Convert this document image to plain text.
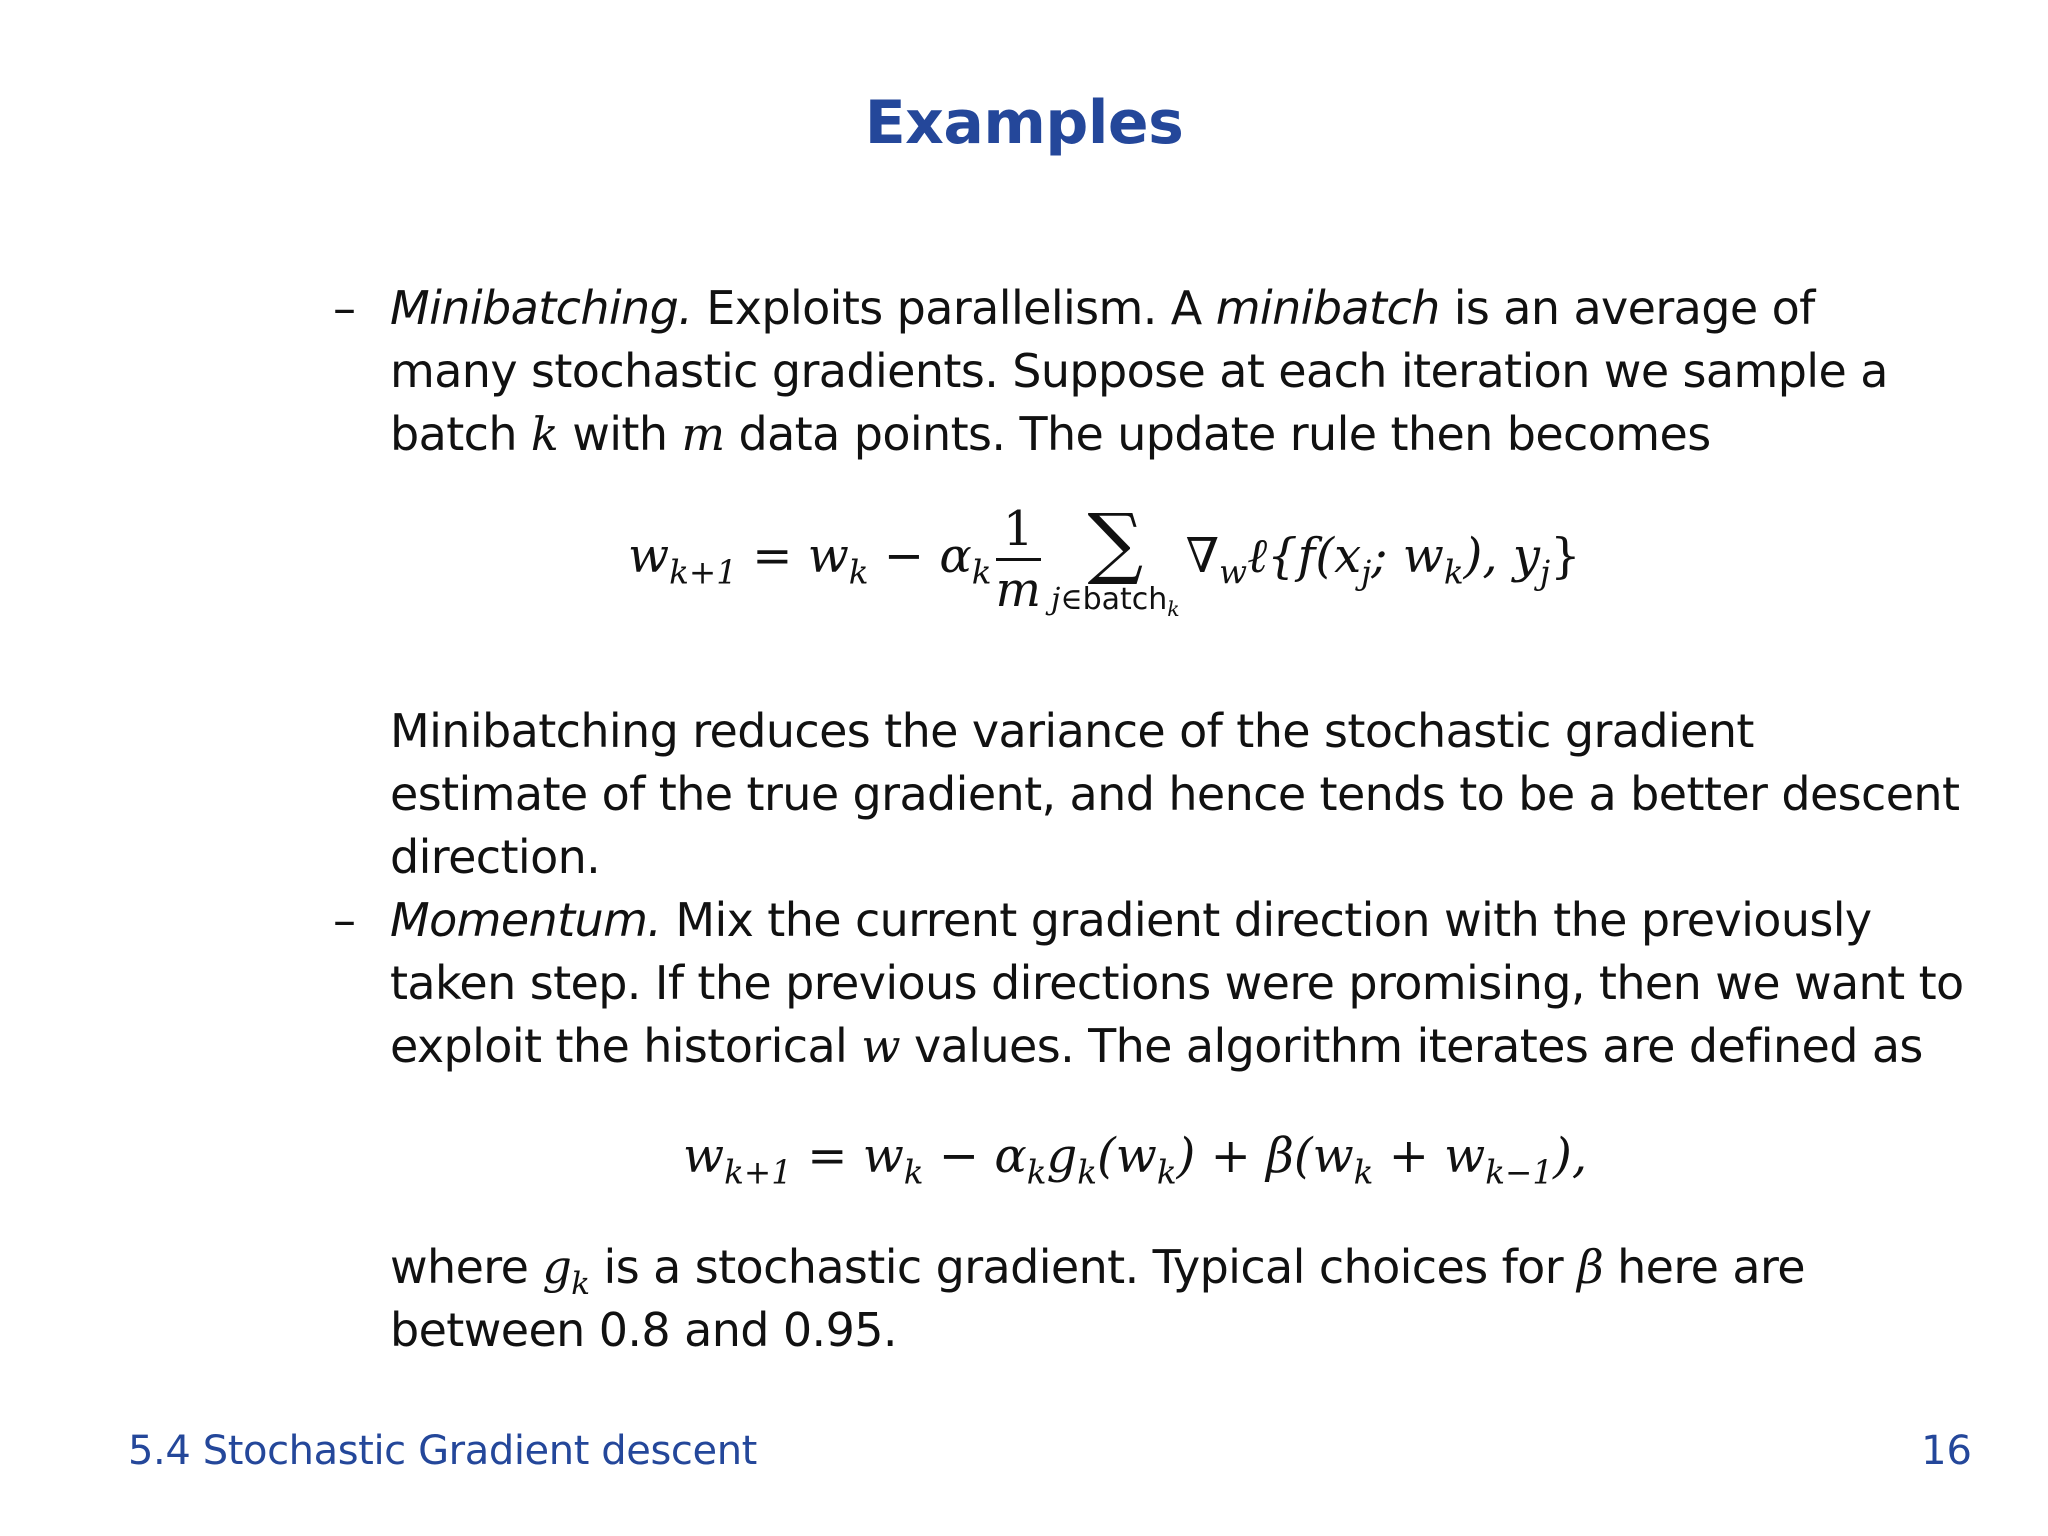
Examples
– Minibatching. Exploits parallelism. A minibatch is an average of
many stochastic gradients. Suppose at each iteration we sample a
batch k with m data points. The update rule then becomes
$w_{k+1} = w_k - \alpha_k \frac{1}{m}$ ∑
j∈batch$_k$
$\nabla_w\ell\{f(x_j$; $w_k$), $y_j$}
Minibatching reduces the variance of the stochastic gradient
estimate of the true gradient, and hence tends to be a better descent
direction.
– Momentum. Mix the current gradient direction with the previously
taken step. If the previous directions were promising, then we want to
exploit the historical w values. The algorithm iterates are defined as
$w_{k+1} = w_k - \alpha_kg_k(w_k) + \beta(w_k + w_{k-1})$,
where $g_k$ is a stochastic gradient. Typical choices for β here are
between 0.8 and 0.95.
5.4 Stochastic Gradient descent	16
